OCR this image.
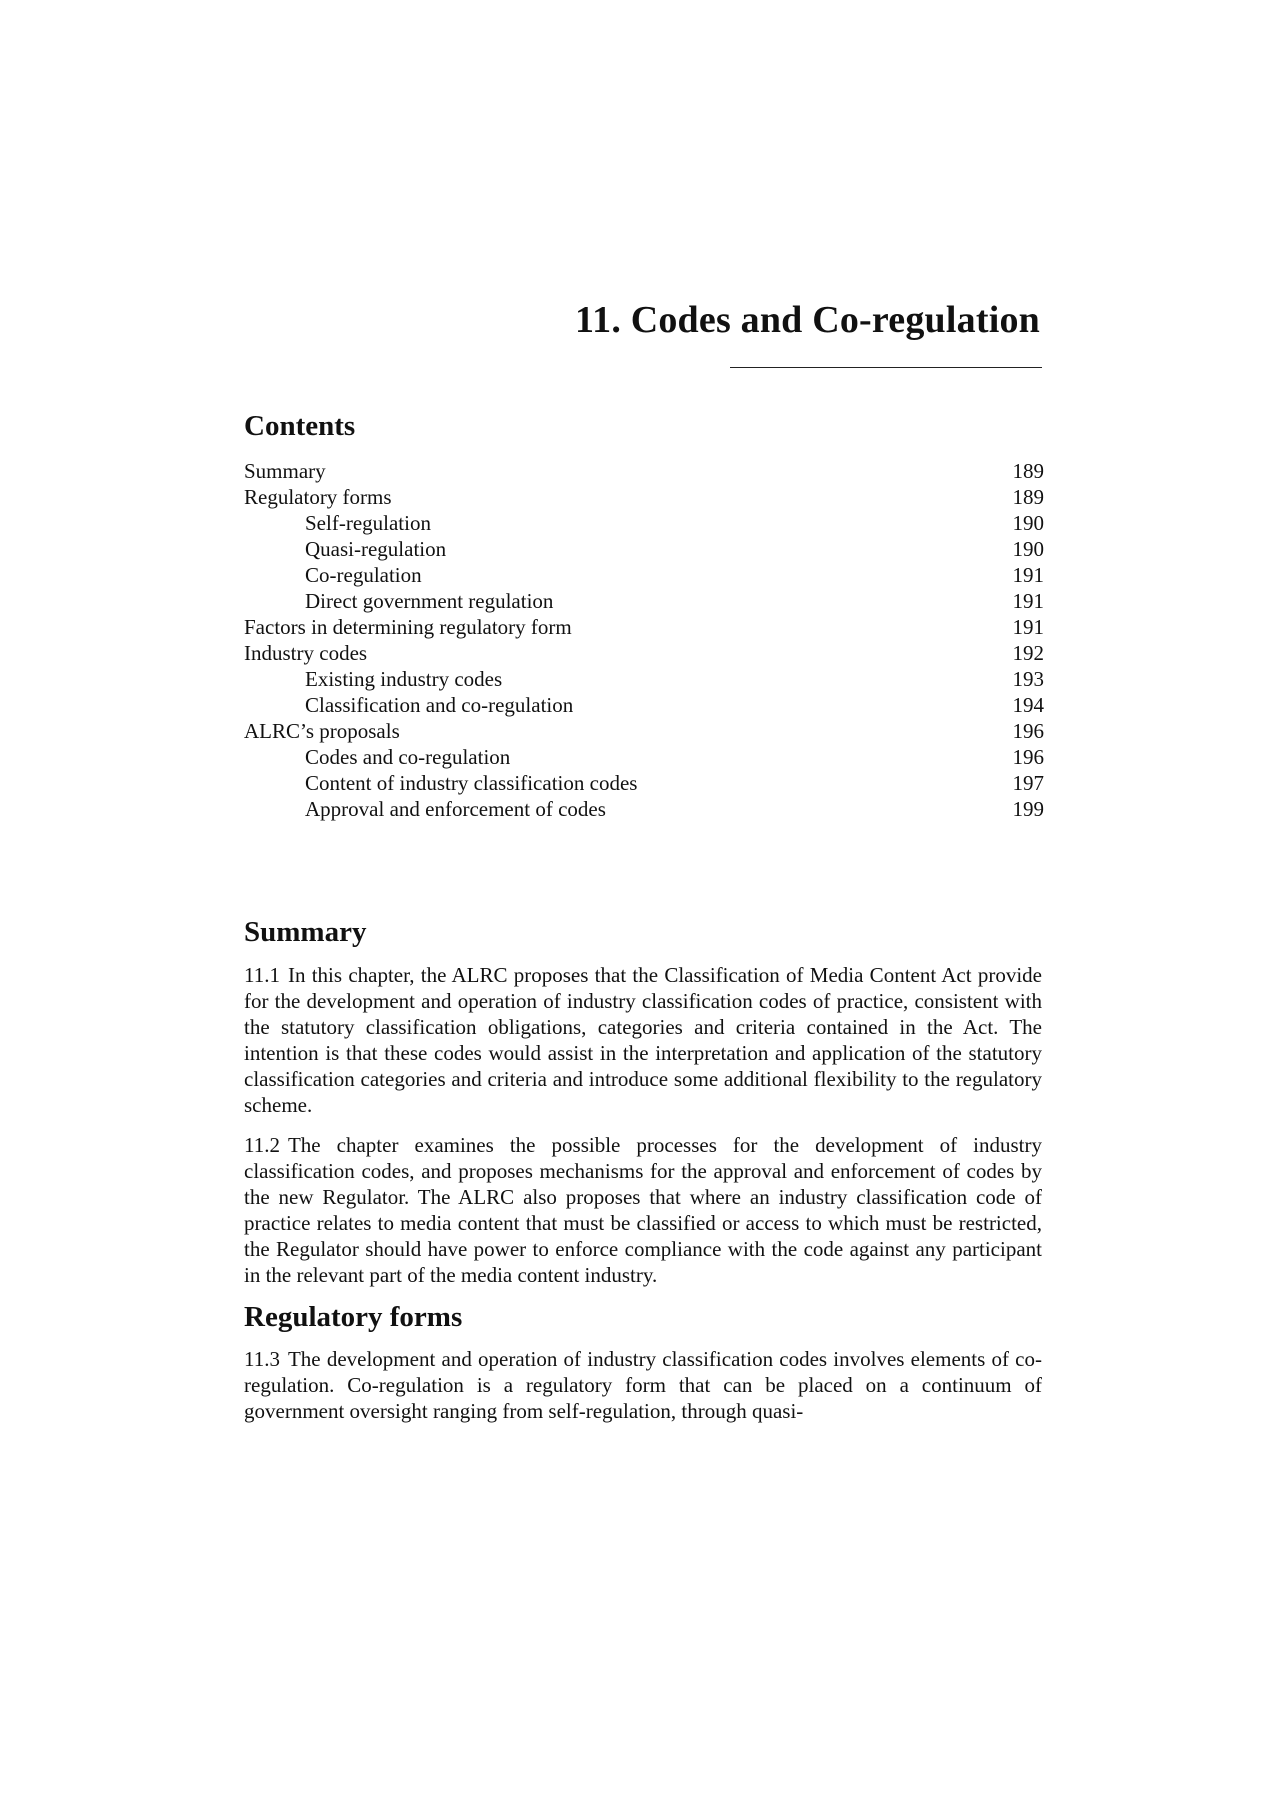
11. Codes and Co-regulation
Contents
Summary	189
Regulatory forms	189
Self-regulation	190
Quasi-regulation	190
Co-regulation	191
Direct government regulation	191
Factors in determining regulatory form	191
Industry codes	192
Existing industry codes	193
Classification and co-regulation	194
ALRC’s proposals	196
Codes and co-regulation	196
Content of industry classification codes	197
Approval and enforcement of codes	199
Summary

11.1 In this chapter, the ALRC proposes that the Classification of Media Content Act provide for the development and operation of industry classification codes of practice, consistent with the statutory classification obligations, categories and criteria contained in the Act. The intention is that these codes would assist in the interpretation and application of the statutory classification categories and criteria and introduce some additional flexibility to the regulatory scheme.

11.2 The chapter examines the possible processes for the development of industry classification codes, and proposes mechanisms for the approval and enforcement of codes by the new Regulator. The ALRC also proposes that where an industry classification code of practice relates to media content that must be classified or access to which must be restricted, the Regulator should have power to enforce compliance with the code against any participant in the relevant part of the media content industry.

Regulatory forms

11.3 The development and operation of industry classification codes involves elements of co-regulation. Co-regulation is a regulatory form that can be placed on a continuum of government oversight ranging from self-regulation, through quasi-
